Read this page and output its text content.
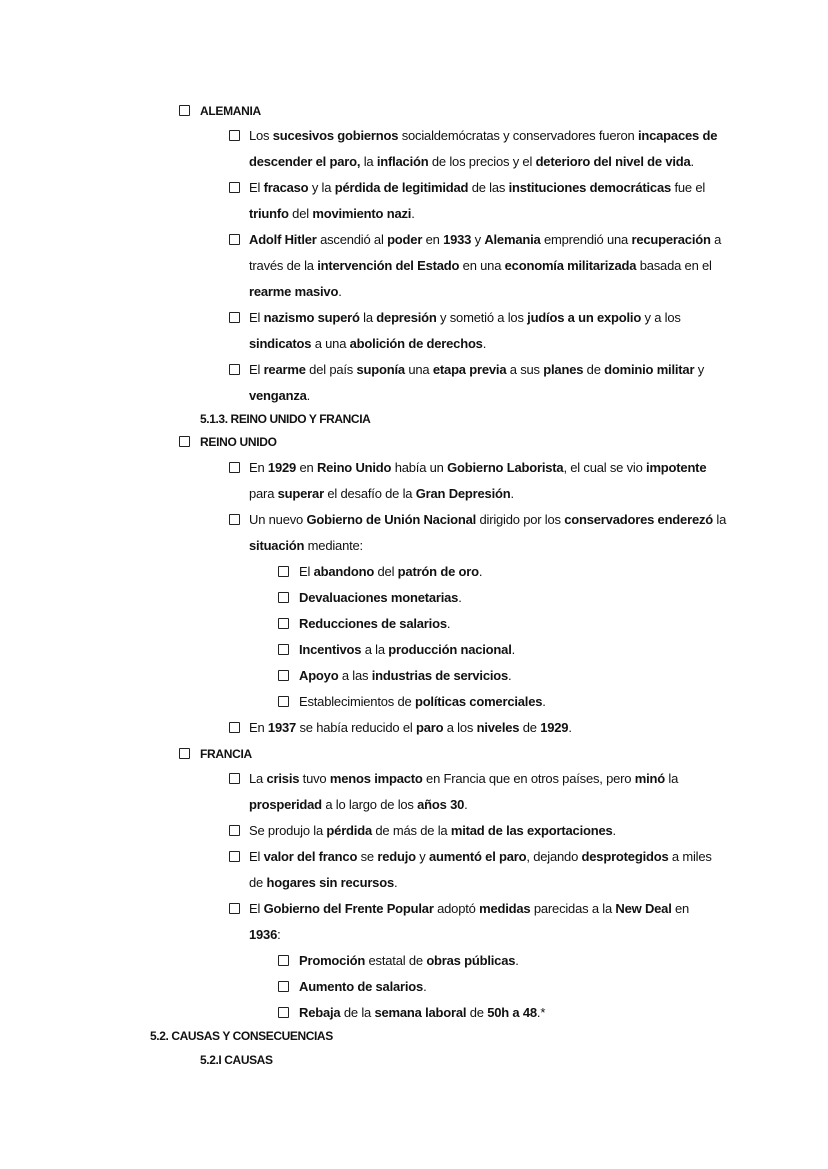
ALEMANIA
Los sucesivos gobiernos socialdemócratas y conservadores fueron incapaces de descender el paro, la inflación de los precios y el deterioro del nivel de vida.
El fracaso y la pérdida de legitimidad de las instituciones democráticas fue el triunfo del movimiento nazi.
Adolf Hitler ascendió al poder en 1933 y Alemania emprendió una recuperación a través de la intervención del Estado en una economía militarizada basada en el rearme masivo.
El nazismo superó la depresión y sometió a los judíos a un expolio y a los sindicatos a una abolición de derechos.
El rearme del país suponía una etapa previa a sus planes de dominio militar y venganza.
5.1.3. REINO UNIDO Y FRANCIA
REINO UNIDO
En 1929 en Reino Unido había un Gobierno Laborista, el cual se vio impotente para superar el desafío de la Gran Depresión.
Un nuevo Gobierno de Unión Nacional dirigido por los conservadores enderezó la situación mediante:
El abandono del patrón de oro.
Devaluaciones monetarias.
Reducciones de salarios.
Incentivos a la producción nacional.
Apoyo a las industrias de servicios.
Establecimientos de políticas comerciales.
En 1937 se había reducido el paro a los niveles de 1929.
FRANCIA
La crisis tuvo menos impacto en Francia que en otros países, pero minó la prosperidad a lo largo de los años 30.
Se produjo la pérdida de más de la mitad de las exportaciones.
El valor del franco se redujo y aumentó el paro, dejando desprotegidos a miles de hogares sin recursos.
El Gobierno del Frente Popular adoptó medidas parecidas a la New Deal en 1936:
Promoción estatal de obras públicas.
Aumento de salarios.
Rebaja de la semana laboral de 50h a 48.*
5.2. CAUSAS Y CONSECUENCIAS
5.2.I CAUSAS
